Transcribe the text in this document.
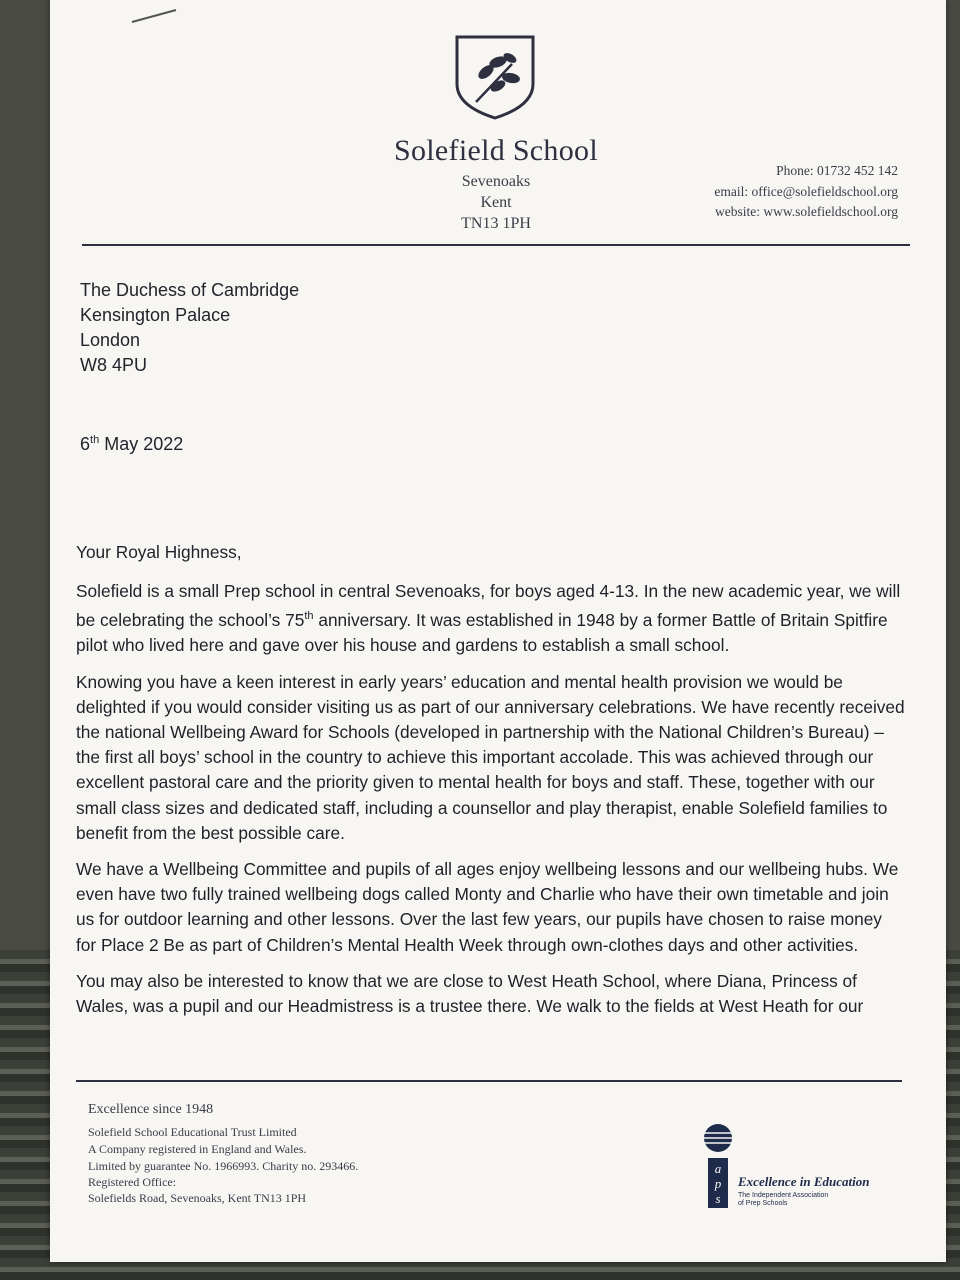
Solefield School
Sevenoaks
Kent
TN13 1PH
Phone: 01732 452 142
email: office@solefieldschool.org
website: www.solefieldschool.org
The Duchess of Cambridge
Kensington Palace
London
W8 4PU
6th May 2022

Your Royal Highness,

Solefield is a small Prep school in central Sevenoaks, for boys aged 4-13. In the new academic year, we will be celebrating the school’s 75th anniversary. It was established in 1948 by a former Battle of Britain Spitfire pilot who lived here and gave over his house and gardens to establish a small school.

Knowing you have a keen interest in early years’ education and mental health provision we would be delighted if you would consider visiting us as part of our anniversary celebrations. We have recently received the national Wellbeing Award for Schools (developed in partnership with the National Children’s Bureau) – the first all boys’ school in the country to achieve this important accolade. This was achieved through our excellent pastoral care and the priority given to mental health for boys and staff. These, together with our small class sizes and dedicated staff, including a counsellor and play therapist, enable Solefield families to benefit from the best possible care.

We have a Wellbeing Committee and pupils of all ages enjoy wellbeing lessons and our wellbeing hubs. We even have two fully trained wellbeing dogs called Monty and Charlie who have their own timetable and join us for outdoor learning and other lessons. Over the last few years, our pupils have chosen to raise money for Place 2 Be as part of Children’s Mental Health Week through own-clothes days and other activities.

You may also be interested to know that we are close to West Heath School, where Diana, Princess of Wales, was a pupil and our Headmistress is a trustee there. We walk to the fields at West Heath for our

Excellence since 1948
Solefield School Educational Trust Limited
A Company registered in England and Wales.
Limited by guarantee No. 1966993. Charity no. 293466.
Registered Office:
Solefields Road, Sevenoaks, Kent TN13 1PH
a
p
s
Excellence in Education
The Independent Association
of Prep Schools
